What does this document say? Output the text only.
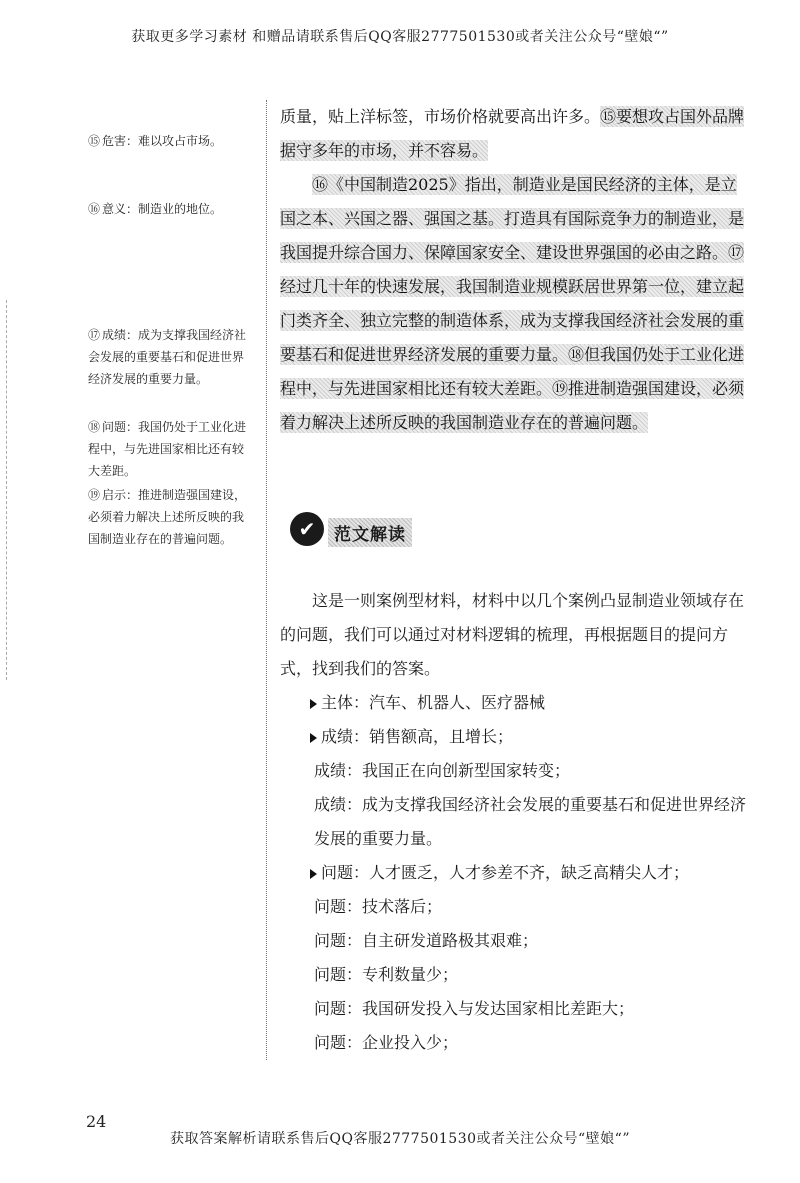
获取更多学习素材 和赠品请联系售后QQ客服2777501530或者关注公众号“壁娘“”
⑮ 危害：难以攻占市场。
⑯ 意义：制造业的地位。
⑰ 成绩：成为支撑我国经济社会发展的重要基石和促进世界经济发展的重要力量。
⑱ 问题：我国仍处于工业化进程中，与先进国家相比还有较大差距。
⑲ 启示：推进制造强国建设，必须着力解决上述所反映的我国制造业存在的普遍问题。
质量，贴上洋标签，市场价格就要高出许多。⑮要想攻占国外品牌据守多年的市场，并不容易。
⑯《中国制造2025》指出，制造业是国民经济的主体，是立国之本、兴国之器、强国之基。打造具有国际竞争力的制造业，是我国提升综合国力、保障国家安全、建设世界强国的必由之路。⑰经过几十年的快速发展，我国制造业规模跃居世界第一位，建立起门类齐全、独立完整的制造体系，成为支撑我国经济社会发展的重要基石和促进世界经济发展的重要力量。⑱但我国仍处于工业化进程中，与先进国家相比还有较大差距。⑲推进制造强国建设，必须着力解决上述所反映的我国制造业存在的普遍问题。
✔	范文解读

这是一则案例型材料，材料中以几个案例凸显制造业领域存在的问题，我们可以通过对材料逻辑的梳理，再根据题目的提问方式，找到我们的答案。

主体：汽车、机器人、医疗器械

成绩：销售额高，且增长；

成绩：我国正在向创新型国家转变；

成绩：成为支撑我国经济社会发展的重要基石和促进世界经济发展的重要力量。

问题：人才匮乏，人才参差不齐，缺乏高精尖人才；

问题：技术落后；

问题：自主研发道路极其艰难；

问题：专利数量少；

问题：我国研发投入与发达国家相比差距大；

问题：企业投入少；

24
获取答案解析请联系售后QQ客服2777501530或者关注公众号“壁娘“”
